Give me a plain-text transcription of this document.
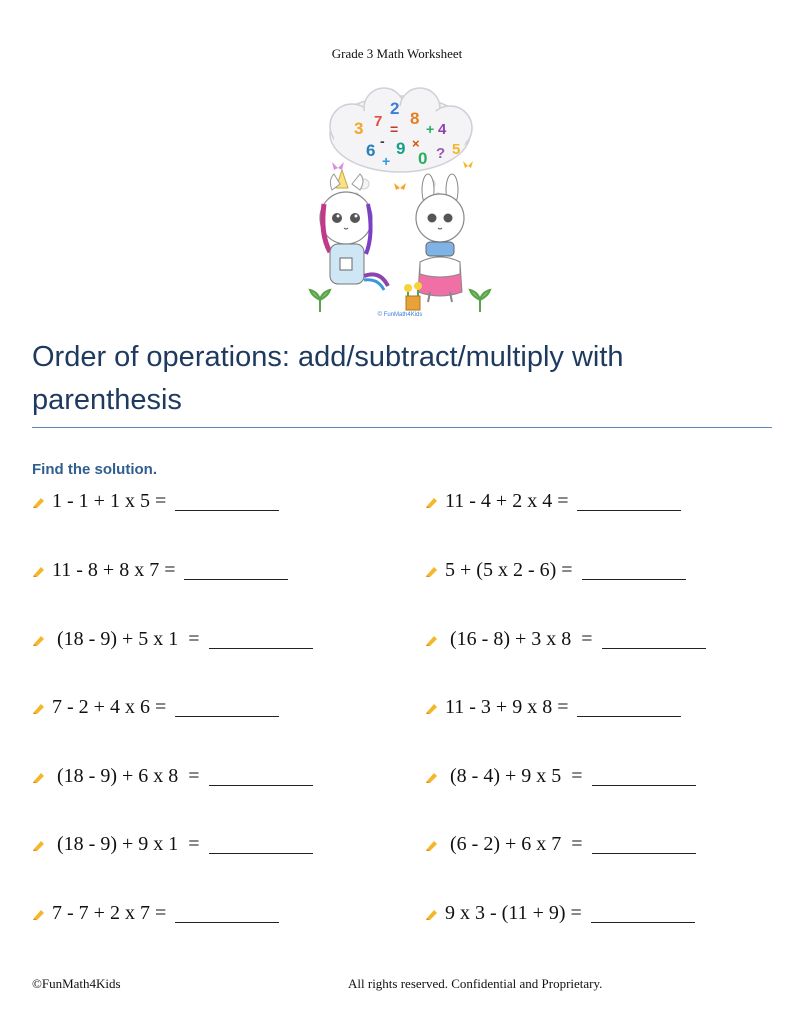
Grade 3 Math Worksheet
3 7
2
8
4
6 9
0 5
= +
- ×
?
+
© FunMath4Kids
Order of operations: add/subtract/multiply with parenthesis
Find the solution.
1 - 1 + 1 x 5 =
11 - 8 + 8 x 7 =
(18 - 9) + 5 x 1  =
7 - 2 + 4 x 6 =
(18 - 9) + 6 x 8  =
(18 - 9) + 9 x 1  =
7 - 7 + 2 x 7 =
11 - 4 + 2 x 4 =
5 + (5 x 2 - 6) =
(16 - 8) + 3 x 8  =
11 - 3 + 9 x 8 =
(8 - 4) + 9 x 5  =
(6 - 2) + 6 x 7  =
9 x 3 - (11 + 9) =
©FunMath4Kids	All rights reserved. Confidential and Proprietary.
